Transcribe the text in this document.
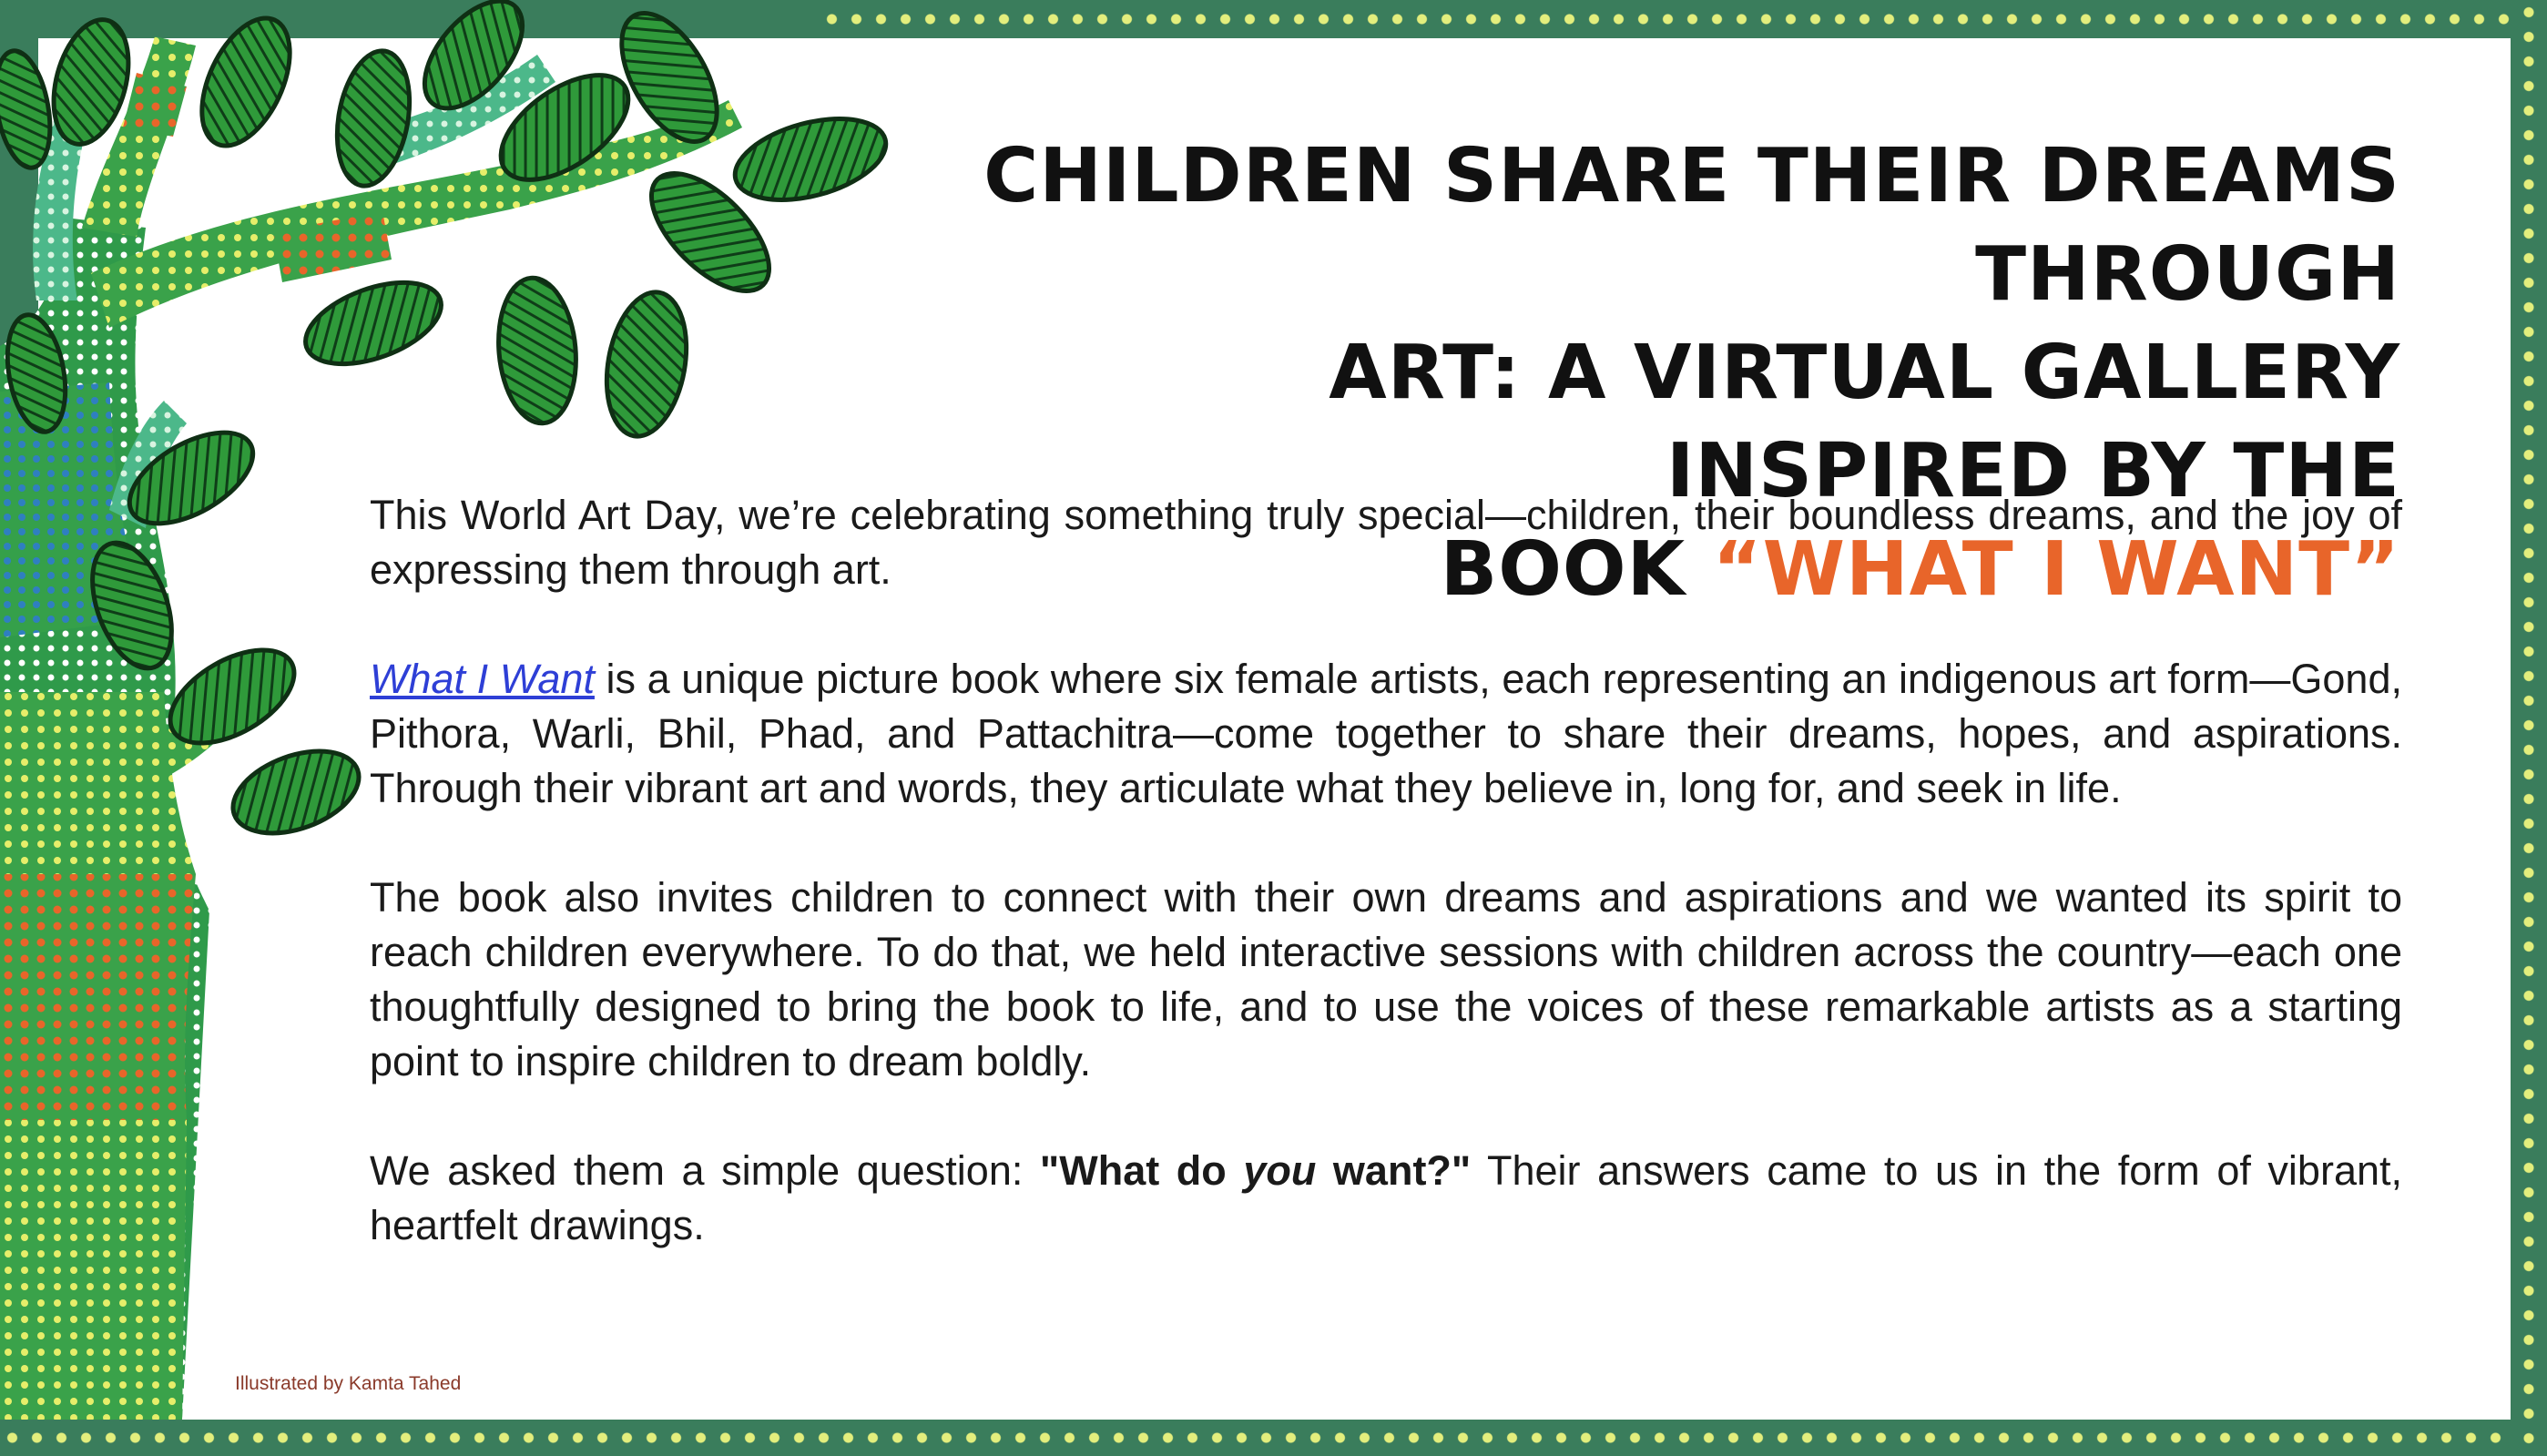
CHILDREN SHARE THEIR DREAMS THROUGH
ART: A VIRTUAL GALLERY INSPIRED BY THE
BOOK “WHAT I WANT”

This World Art Day, we’re celebrating something truly special—children, their boundless dreams, and the joy of expressing them through art.

What I Want is a unique picture book where six female artists, each representing an indigenous art form—Gond, Pithora, Warli, Bhil, Phad, and Pattachitra—come together to share their dreams, hopes, and aspirations. Through their vibrant art and words, they articulate what they believe in, long for, and seek in life.

The book also invites children to connect with their own dreams and aspirations and we wanted its spirit to reach children everywhere. To do that, we held interactive sessions with children across the country—each one thoughtfully designed to bring the book to life, and to use the voices of these remarkable artists as a starting point to inspire children to dream boldly.

We asked them a simple question: "What do you want?" Their answers came to us in the form of vibrant, heartfelt drawings.

Illustrated by Kamta Tahed
